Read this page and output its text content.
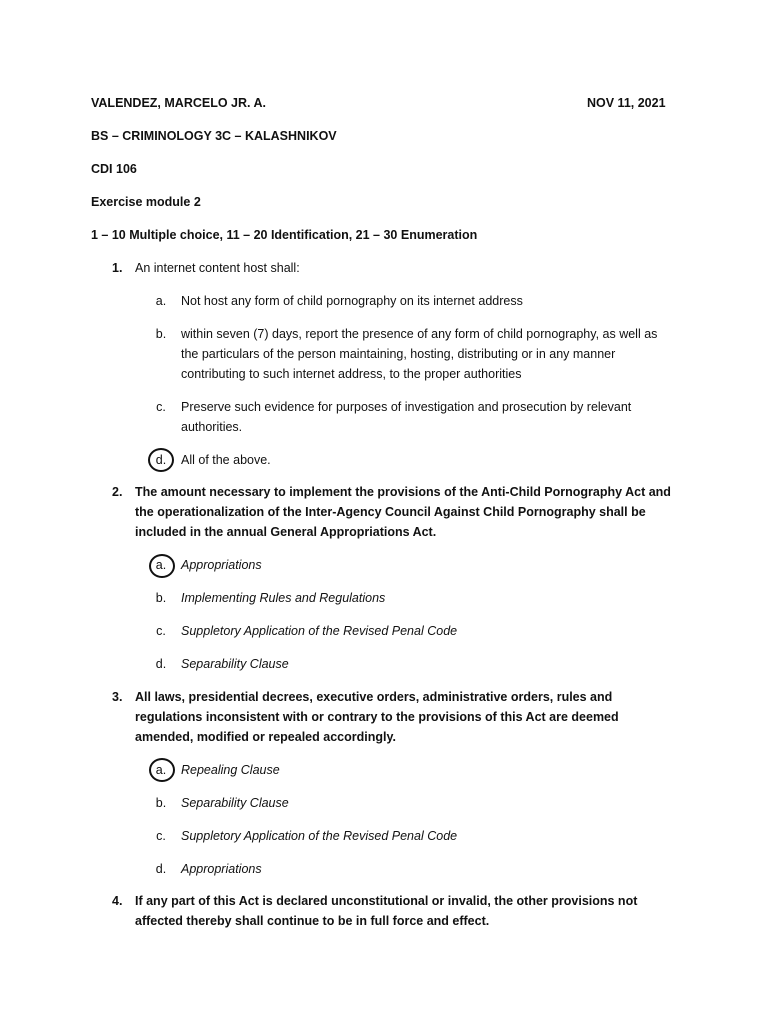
VALENDEZ, MARCELO JR. A.	NOV 11, 2021
BS – CRIMINOLOGY 3C – KALASHNIKOV
CDI 106
Exercise module 2
1 – 10 Multiple choice, 11 – 20 Identification, 21 – 30 Enumeration
1. An internet content host shall:
a.	Not host any form of child pornography on its internet address
b.	within seven (7) days, report the presence of any form of child pornography, as well as the particulars of the person maintaining, hosting, distributing or in any manner contributing to such internet address, to the proper authorities
c.	Preserve such evidence for purposes of investigation and prosecution by relevant authorities.
d.	All of the above.
2. The amount necessary to implement the provisions of the Anti-Child Pornography Act and the operationalization of the Inter-Agency Council Against Child Pornography shall be included in the annual General Appropriations Act.
a.	Appropriations
b.	Implementing Rules and Regulations
c.	Suppletory Application of the Revised Penal Code
d.	Separability Clause
3. All laws, presidential decrees, executive orders, administrative orders, rules and regulations inconsistent with or contrary to the provisions of this Act are deemed amended, modified or repealed accordingly.
a.	Repealing Clause
b.	Separability Clause
c.	Suppletory Application of the Revised Penal Code
d.	Appropriations
4. If any part of this Act is declared unconstitutional or invalid, the other provisions not affected thereby shall continue to be in full force and effect.
